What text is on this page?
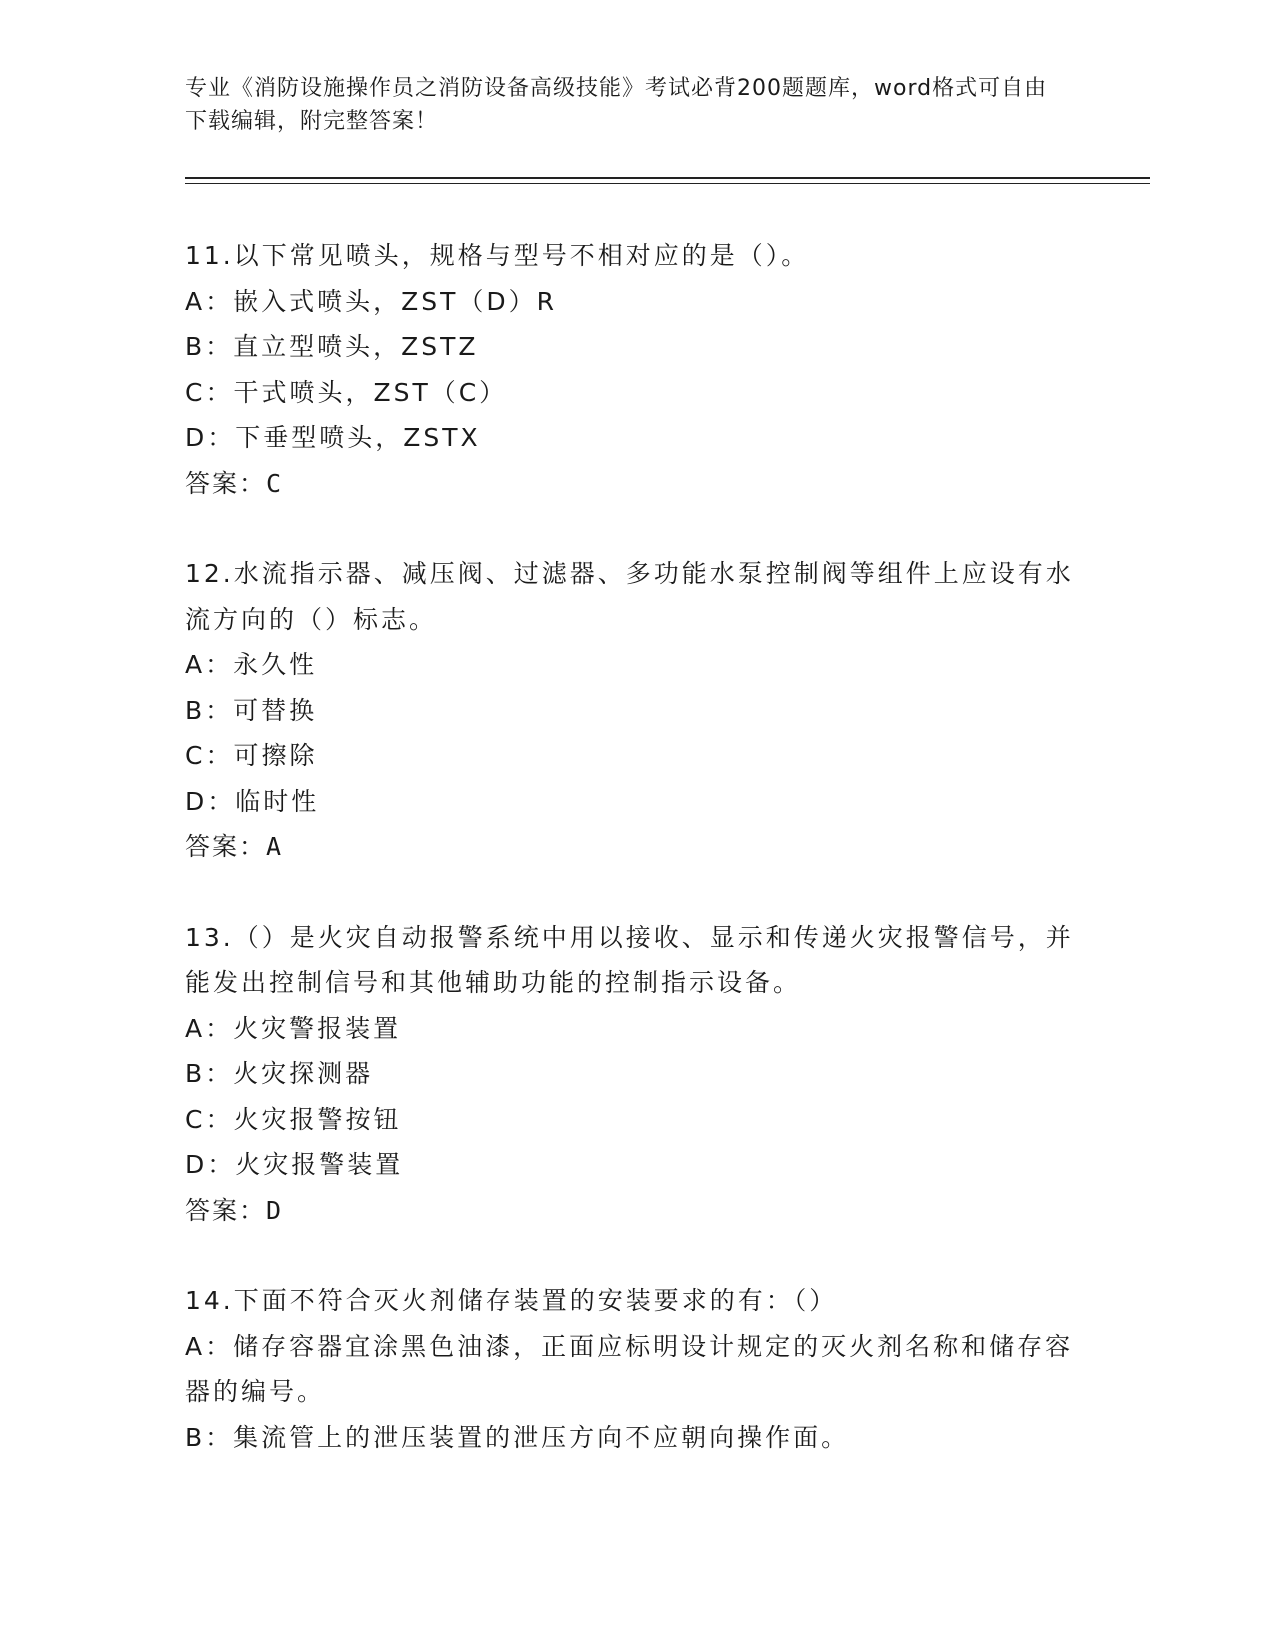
专业《消防设施操作员之消防设备高级技能》考试必背200题题库，word格式可自由下载编辑，附完整答案！

11.以下常见喷头，规格与型号不相对应的是（）。

A：嵌入式喷头，ZST（D）R

B：直立型喷头，ZSTZ

C：干式喷头，ZST（C）

D：下垂型喷头，ZSTX

答案：C

12.水流指示器、减压阀、过滤器、多功能水泵控制阀等组件上应设有水流方向的（）标志。

A：永久性

B：可替换

C：可擦除

D：临时性

答案：A

13.（）是火灾自动报警系统中用以接收、显示和传递火灾报警信号，并能发出控制信号和其他辅助功能的控制指示设备。

A：火灾警报装置

B：火灾探测器

C：火灾报警按钮

D：火灾报警装置

答案：D

14.下面不符合灭火剂储存装置的安装要求的有：（）

A：储存容器宜涂黑色油漆，正面应标明设计规定的灭火剂名称和储存容器的编号。

B：集流管上的泄压装置的泄压方向不应朝向操作面。
